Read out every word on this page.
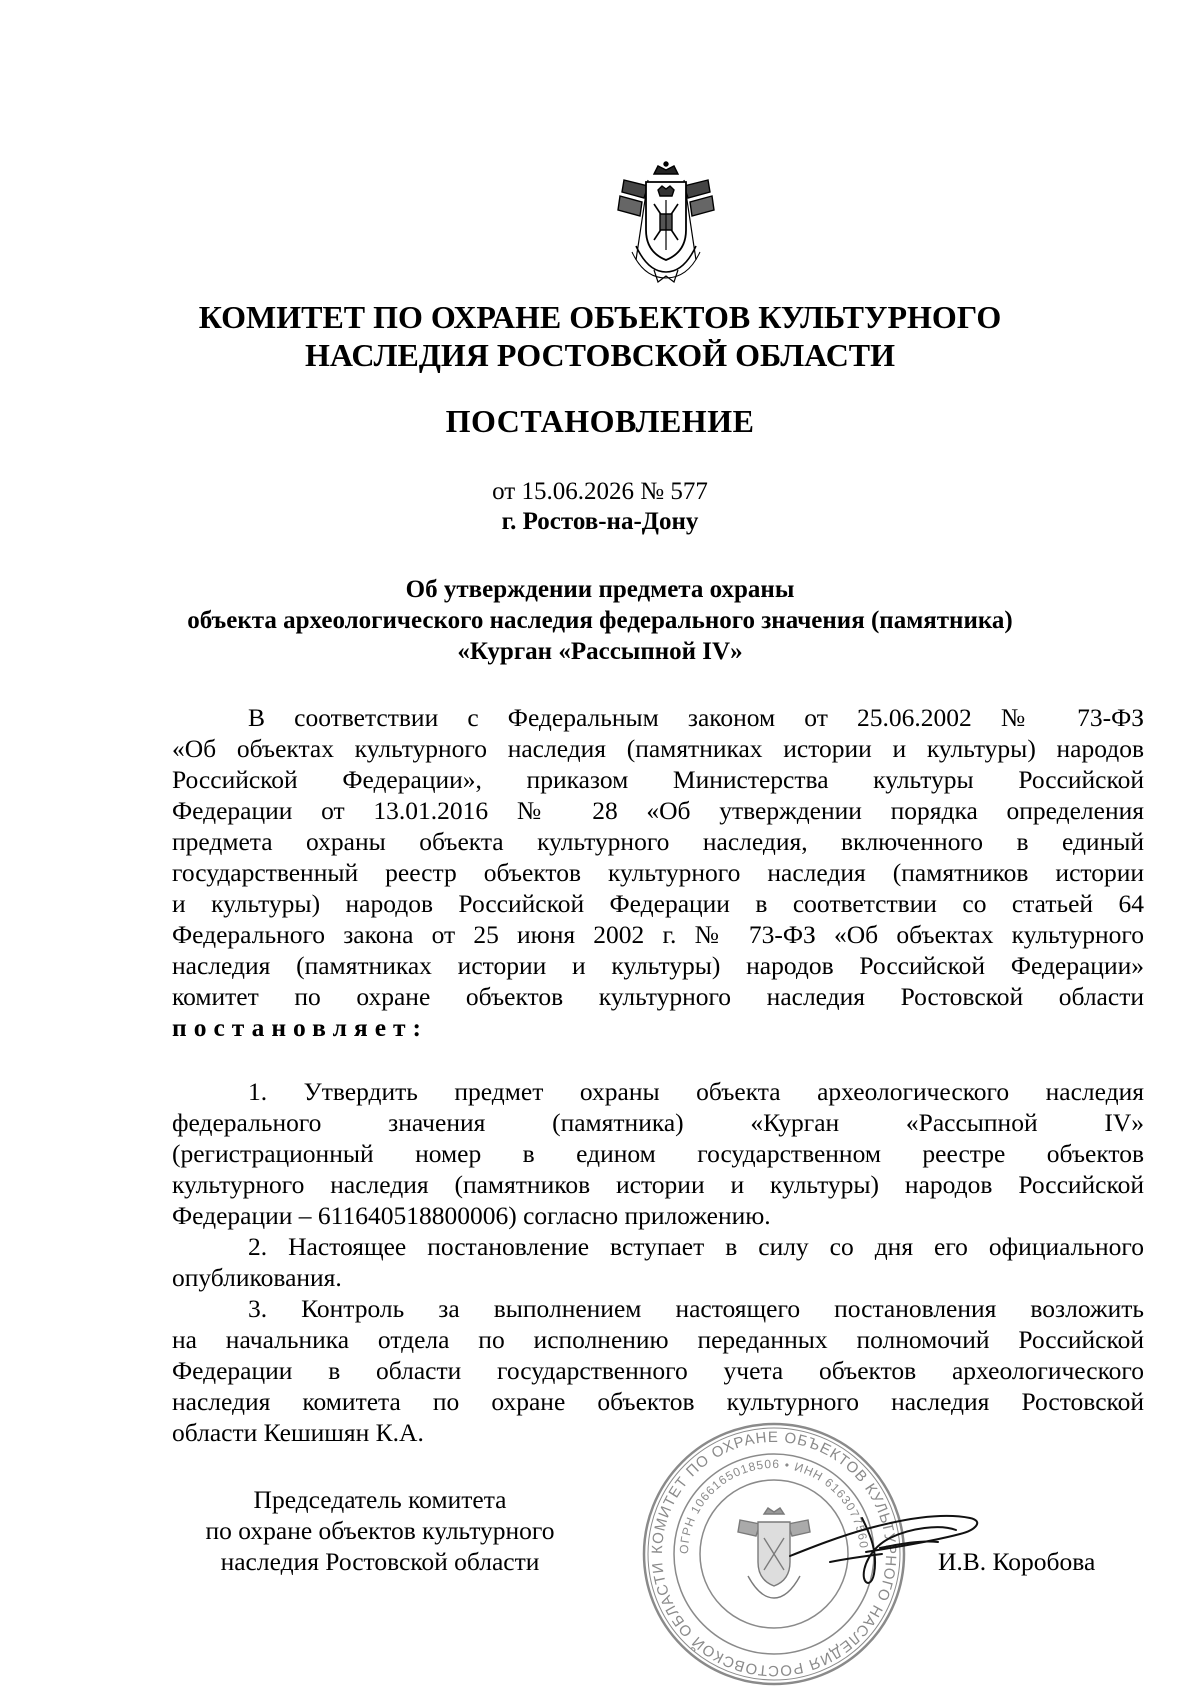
КОМИТЕТ ПО ОХРАНЕ ОБЪЕКТОВ КУЛЬТУРНОГО
НАСЛЕДИЯ РОСТОВСКОЙ ОБЛАСТИ
ПОСТАНОВЛЕНИЕ
от 15.06.2026 № 577
г. Ростов-на-Дону
Об утверждении предмета охраны
объекта археологического наследия федерального значения (памятника)
«Курган «Рассыпной IV»
В соответствии с Федеральным законом от 25.06.2002 № 73-ФЗ
«Об объектах культурного наследия (памятниках истории и культуры) народов
Российской Федерации», приказом Министерства культуры Российской
Федерации от 13.01.2016 № 28 «Об утверждении порядка определения
предмета охраны объекта культурного наследия, включенного в единый
государственный реестр объектов культурного наследия (памятников истории
и культуры) народов Российской Федерации в соответствии со статьей 64
Федерального закона от 25 июня 2002 г. № 73-ФЗ «Об объектах культурного
наследия (памятниках истории и культуры) народов Российской Федерации»
комитет по охране объектов культурного наследия Ростовской области
постановляет:
1. Утвердить предмет охраны объекта археологического наследия
федерального значения (памятника) «Курган «Рассыпной IV»
(регистрационный номер в едином государственном реестре объектов
культурного наследия (памятников истории и культуры) народов Российской
Федерации – 611640518800006) согласно приложению.
2. Настоящее постановление вступает в силу со дня его официального
опубликования.
3. Контроль за выполнением настоящего постановления возложить
на начальника отдела по исполнению переданных полномочий Российской
Федерации в области государственного учета объектов археологического
наследия комитета по охране объектов культурного наследия Ростовской
области Кешишян К.А.
КОМИТЕТ ПО ОХРАНЕ ОБЪЕКТОВ КУЛЬТУРНОГО НАСЛЕДИЯ РОСТОВСКОЙ ОБЛАСТИ
ОГРН 1066165018506 • ИНН 6163077560
Председатель комитета
по охране объектов культурного
наследия Ростовской области	И.В. Коробова
